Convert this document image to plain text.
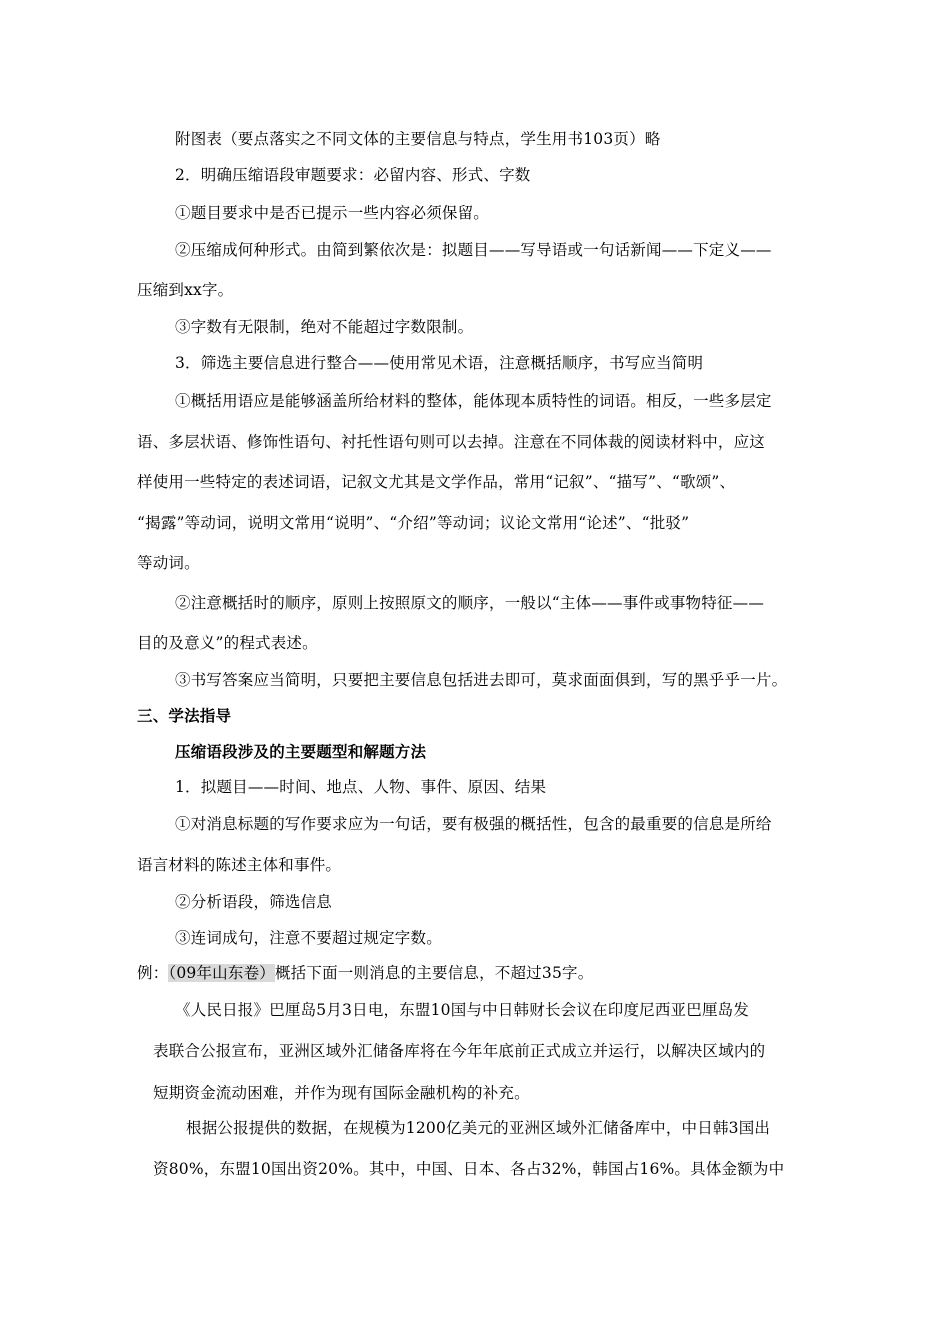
附图表（要点落实之不同文体的主要信息与特点，学生用书103页）略
2．明确压缩语段审题要求：必留内容、形式、字数
①题目要求中是否已提示一些内容必须保留。
②压缩成何种形式。由简到繁依次是：拟题目——写导语或一句话新闻——下定义——
压缩到xx字。
③字数有无限制，绝对不能超过字数限制。
3．筛选主要信息进行整合——使用常见术语，注意概括顺序，书写应当简明
①概括用语应是能够涵盖所给材料的整体，能体现本质特性的词语。相反，一些多层定
语、多层状语、修饰性语句、衬托性语句则可以去掉。注意在不同体裁的阅读材料中，应这
样使用一些特定的表述词语，记叙文尤其是文学作品，常用“记叙”、“描写”、“歌颂”、
“揭露”等动词，说明文常用“说明”、“介绍”等动词；议论文常用“论述”、“批驳”
等动词。
②注意概括时的顺序，原则上按照原文的顺序，一般以“主体——事件或事物特征——
目的及意义”的程式表述。
③书写答案应当简明，只要把主要信息包括进去即可，莫求面面俱到，写的黑乎乎一片。
三、学法指导
压缩语段涉及的主要题型和解题方法
1．拟题目——时间、地点、人物、事件、原因、结果
①对消息标题的写作要求应为一句话，要有极强的概括性，包含的最重要的信息是所给
语言材料的陈述主体和事件。
②分析语段，筛选信息
③连词成句，注意不要超过规定字数。
例：（09年山东卷）概括下面一则消息的主要信息，不超过35字。
《人民日报》巴厘岛5月3日电，东盟10国与中日韩财长会议在印度尼西亚巴厘岛发
表联合公报宣布，亚洲区域外汇储备库将在今年年底前正式成立并运行，以解决区域内的
短期资金流动困难，并作为现有国际金融机构的补充。
根据公报提供的数据，在规模为1200亿美元的亚洲区域外汇储备库中，中日韩3国出
资80%，东盟10国出资20%。其中，中国、日本、各占32%，韩国占16%。具体金额为中
